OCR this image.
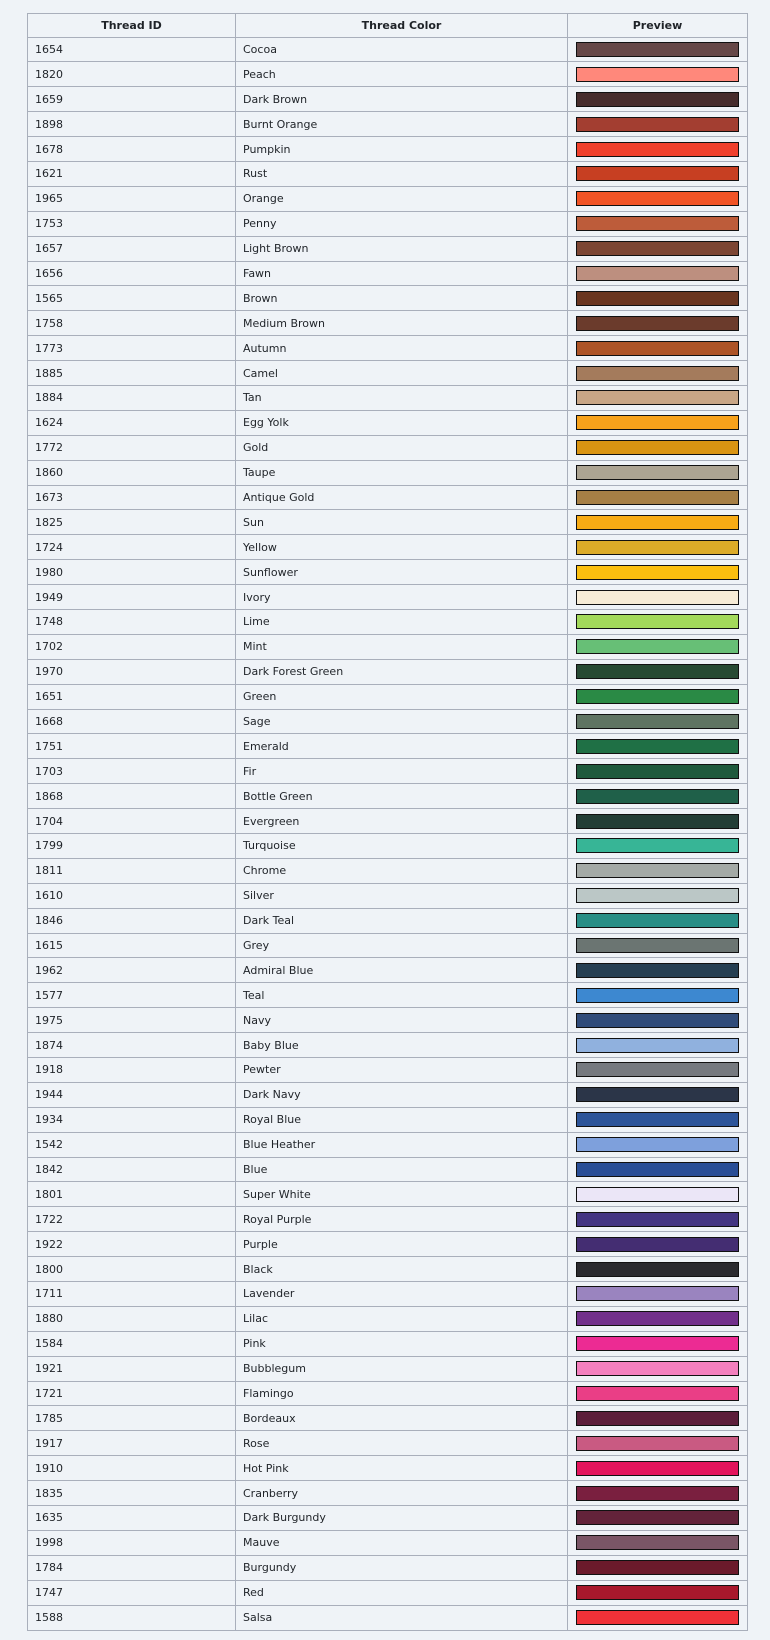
Thread ID	Thread Color	Preview
1654	Cocoa	

1820	Peach	

1659	Dark Brown	

1898	Burnt Orange	

1678	Pumpkin	

1621	Rust	

1965	Orange	

1753	Penny	

1657	Light Brown	

1656	Fawn	

1565	Brown	

1758	Medium Brown	

1773	Autumn	

1885	Camel	

1884	Tan	

1624	Egg Yolk	

1772	Gold	

1860	Taupe	

1673	Antique Gold	

1825	Sun	

1724	Yellow	

1980	Sunflower	

1949	Ivory	

1748	Lime	

1702	Mint	

1970	Dark Forest Green	

1651	Green	

1668	Sage	

1751	Emerald	

1703	Fir	

1868	Bottle Green	

1704	Evergreen	

1799	Turquoise	

1811	Chrome	

1610	Silver	

1846	Dark Teal	

1615	Grey	

1962	Admiral Blue	

1577	Teal	

1975	Navy	

1874	Baby Blue	

1918	Pewter	

1944	Dark Navy	

1934	Royal Blue	

1542	Blue Heather	

1842	Blue	

1801	Super White	

1722	Royal Purple	

1922	Purple	

1800	Black	

1711	Lavender	

1880	Lilac	

1584	Pink	

1921	Bubblegum	

1721	Flamingo	

1785	Bordeaux	

1917	Rose	

1910	Hot Pink	

1835	Cranberry	

1635	Dark Burgundy	

1998	Mauve	

1784	Burgundy	

1747	Red	

1588	Salsa	
